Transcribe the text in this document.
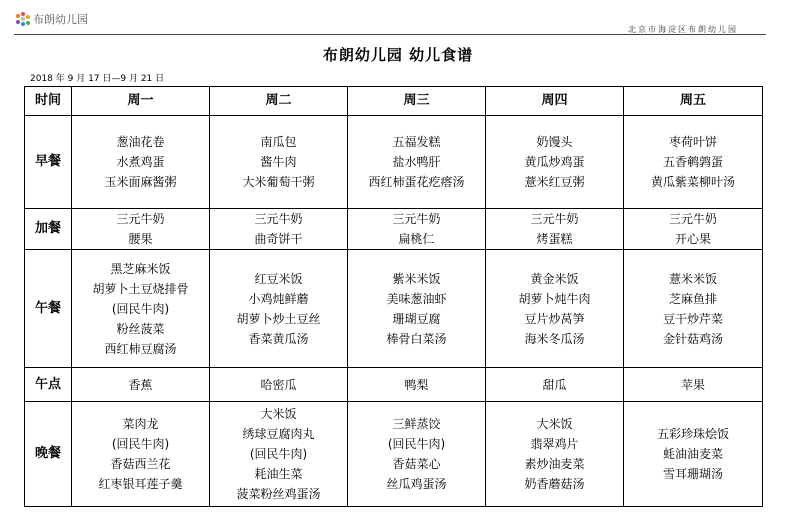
布朗幼儿园
北京市海淀区布朗幼儿园
布朗幼儿园 幼儿食谱
2018 年 9 月 17 日—9 月 21 日
时间	周一	周二	周三	周四	周五
早餐	葱油花卷
水煮鸡蛋
玉米面麻酱粥	南瓜包
酱牛肉
大米葡萄干粥	五福发糕
盐水鸭肝
西红柿蛋花疙瘩汤	奶馒头
黄瓜炒鸡蛋
薏米红豆粥	枣荷叶饼
五香鹌鹑蛋
黄瓜紫菜柳叶汤

加餐	三元牛奶
腰果	三元牛奶
曲奇饼干	三元牛奶
扁桃仁	三元牛奶
烤蛋糕	三元牛奶
开心果

午餐	黑芝麻米饭
胡萝卜土豆烧排骨
(回民牛肉)
粉丝菠菜
西红柿豆腐汤	红豆米饭
小鸡炖鲜蘑
胡萝卜炒土豆丝
香菜黄瓜汤	紫米米饭
美味葱油虾
珊瑚豆腐
棒骨白菜汤	黄金米饭
胡萝卜炖牛肉
豆片炒莴笋
海米冬瓜汤	薏米米饭
芝麻鱼排
豆干炒芹菜
金针菇鸡汤

午点	香蕉	哈密瓜	鸭梨	甜瓜	苹果

晚餐	菜肉龙
(回民牛肉)
香菇西兰花
红枣银耳莲子羹	大米饭
绣球豆腐肉丸
(回民牛肉)
耗油生菜
菠菜粉丝鸡蛋汤	三鲜蒸饺
(回民牛肉)
香菇菜心
丝瓜鸡蛋汤	大米饭
翡翠鸡片
素炒油麦菜
奶香蘑菇汤	五彩珍珠烩饭
蚝油油麦菜
雪耳珊瑚汤
